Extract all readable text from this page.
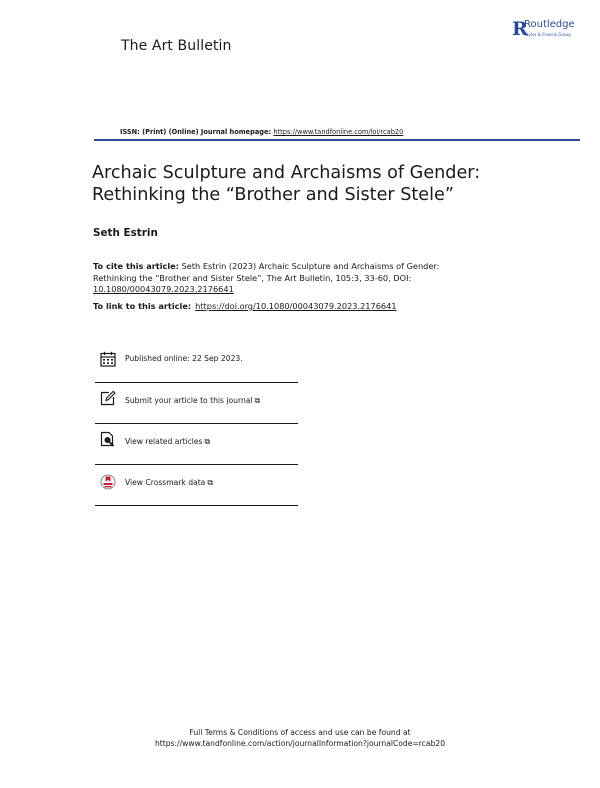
The Art Bulletin
R
Routledge
Taylor & Francis Group
ISSN: (Print) (Online) Journal homepage: https://www.tandfonline.com/loi/rcab20
Archaic Sculpture and Archaisms of Gender:
Rethinking the “Brother and Sister Stele”
Seth Estrin
To cite this article: Seth Estrin (2023) Archaic Sculpture and Archaisms of Gender: Rethinking the “Brother and Sister Stele”, The Art Bulletin, 105:3, 33-60, DOI: 10.1080/00043079.2023.2176641
To link to this article: https://doi.org/10.1080/00043079.2023.2176641
Published online: 22 Sep 2023.
Submit your article to this journal ⧉
View related articles ⧉
View Crossmark data ⧉
Full Terms & Conditions of access and use can be found at
https://www.tandfonline.com/action/journalInformation?journalCode=rcab20
